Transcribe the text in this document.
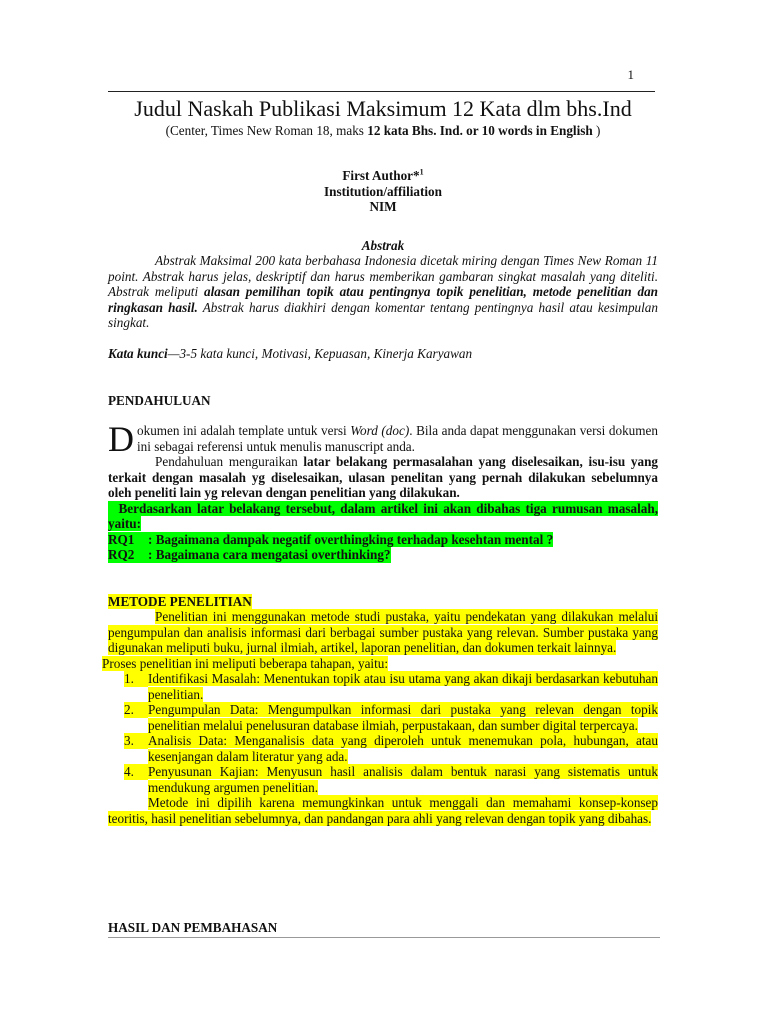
1
Judul Naskah Publikasi Maksimum 12 Kata dlm bhs.Ind
(Center, Times New Roman 18, maks 12 kata Bhs. Ind. or 10 words in English )
First Author*$^1$
Institution/affiliation
NIM
Abstrak
Abstrak Maksimal 200 kata berbahasa Indonesia dicetak miring dengan Times New Roman 11 point. Abstrak harus jelas, deskriptif dan harus memberikan gambaran singkat masalah yang diteliti. Abstrak meliputi alasan pemilihan topik atau pentingnya topik penelitian, metode penelitian dan ringkasan hasil. Abstrak harus diakhiri dengan komentar tentang pentingnya hasil atau kesimpulan singkat.
Kata kunci—3-5 kata kunci, Motivasi, Kepuasan, Kinerja Karyawan
PENDAHULUAN
Dokumen ini adalah template untuk versi Word (doc). Bila anda dapat menggunakan versi dokumen ini sebagai referensi untuk menulis manuscript anda.
Pendahuluan menguraikan latar belakang permasalahan yang diselesaikan, isu-isu yang terkait dengan masalah yg diselesaikan, ulasan penelitan yang pernah dilakukan sebelumnya oleh peneliti lain yg relevan dengan penelitian yang dilakukan.
Berdasarkan latar belakang tersebut, dalam artikel ini akan dibahas tiga rumusan masalah, yaitu:
RQ1 : Bagaimana dampak negatif overthingking terhadap kesehtan mental ?
RQ2 : Bagaimana cara mengatasi overthinking?
METODE PENELITIAN

Penelitian ini menggunakan metode studi pustaka, yaitu pendekatan yang dilakukan melalui pengumpulan dan analisis informasi dari berbagai sumber pustaka yang relevan. Sumber pustaka yang digunakan meliputi buku, jurnal ilmiah, artikel, laporan penelitian, dan dokumen terkait lainnya.

Proses penelitian ini meliputi beberapa tahapan, yaitu:

1.	Identifikasi Masalah: Menentukan topik atau isu utama yang akan dikaji berdasarkan kebutuhan penelitian.
2.	Pengumpulan Data: Mengumpulkan informasi dari pustaka yang relevan dengan topik penelitian melalui penelusuran database ilmiah, perpustakaan, dan sumber digital terpercaya.
3.	Analisis Data: Menganalisis data yang diperoleh untuk menemukan pola, hubungan, atau kesenjangan dalam literatur yang ada.
4.	Penyusunan Kajian: Menyusun hasil analisis dalam bentuk narasi yang sistematis untuk mendukung argumen penelitian.

Metode ini dipilih karena memungkinkan untuk menggali dan memahami konsep-konsep teoritis, hasil penelitian sebelumnya, dan pandangan para ahli yang relevan dengan topik yang dibahas.

HASIL DAN PEMBAHASAN
